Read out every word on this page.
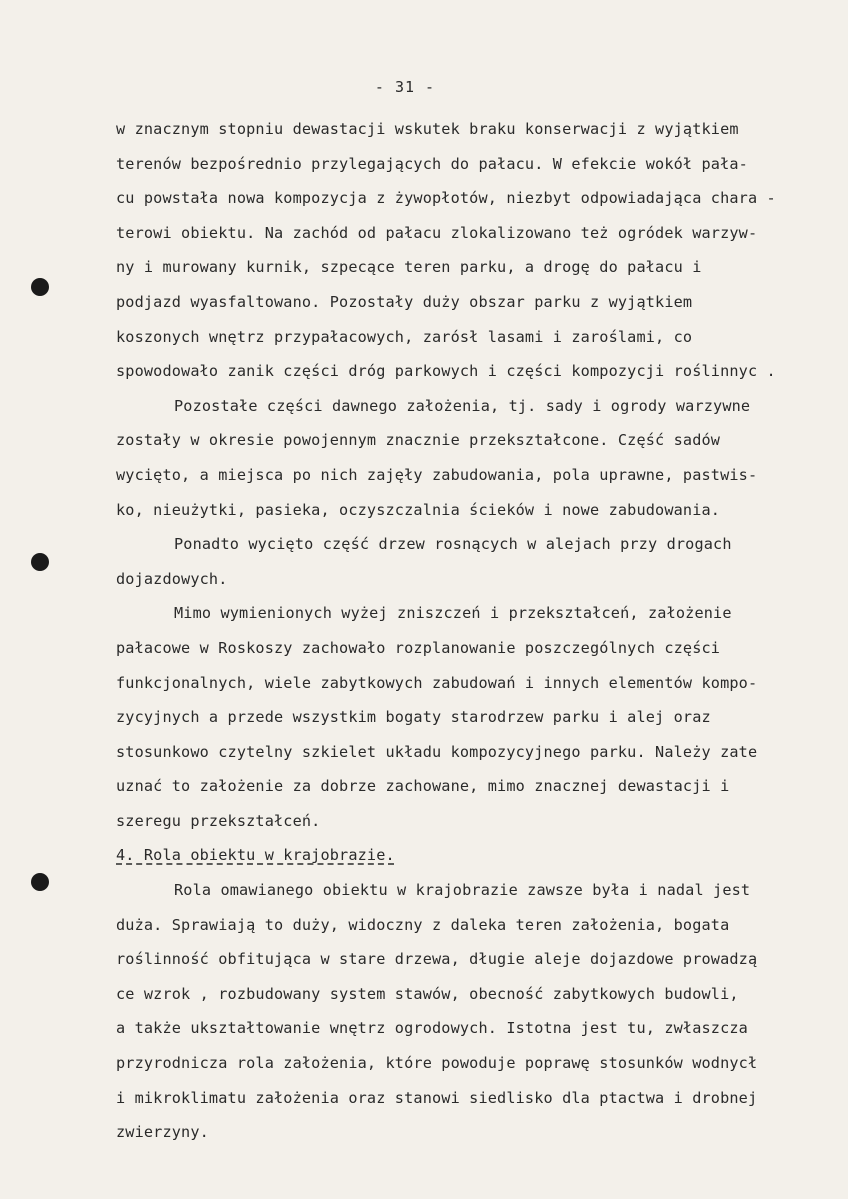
- 31 -
w znacznym stopniu dewastacji wskutek braku konserwacji z wyjątkiem
terenów bezpośrednio przylegających do pałacu. W efekcie wokół pała-
cu powstała nowa kompozycja z żywopłotów, niezbyt odpowiadająca chara -
terowi obiektu. Na zachód od pałacu zlokalizowano też ogródek warzyw-
ny i murowany kurnik, szpecące teren parku, a drogę do pałacu i
podjazd wyasfaltowano. Pozostały duży obszar parku z wyjątkiem
koszonych wnętrz przypałacowych, zarósł lasami i zaroślami, co
spowodowało zanik części dróg parkowych i części kompozycji roślinnyc .
Pozostałe części dawnego założenia, tj. sady i ogrody warzywne
zostały w okresie powojennym znacznie przekształcone. Część sadów
wycięto, a miejsca po nich zajęły zabudowania, pola uprawne, pastwis-
ko, nieużytki, pasieka, oczyszczalnia ścieków i nowe zabudowania.
Ponadto wycięto część drzew rosnących w alejach przy drogach
dojazdowych.
Mimo wymienionych wyżej zniszczeń i przekształceń, założenie
pałacowe w Roskoszy zachowało rozplanowanie poszczególnych części
funkcjonalnych, wiele zabytkowych zabudowań i innych elementów kompo-
zycyjnych a przede wszystkim bogaty starodrzew parku i alej oraz
stosunkowo czytelny szkielet układu kompozycyjnego parku. Należy zate
uznać to założenie za dobrze zachowane, mimo znacznej dewastacji i
szeregu przekształceń.
4. Rola obiektu w krajobrazie.
Rola omawianego obiektu w krajobrazie zawsze była i nadal jest
duża. Sprawiają to duży, widoczny z daleka teren założenia, bogata
roślinność obfitująca w stare drzewa, długie aleje dojazdowe prowadzą
ce wzrok , rozbudowany system stawów, obecność zabytkowych budowli,
a także ukształtowanie wnętrz ogrodowych. Istotna jest tu, zwłaszcza
przyrodnicza rola założenia, które powoduje poprawę stosunków wodnycł
i mikroklimatu założenia oraz stanowi siedlisko dla ptactwa i drobnej
zwierzyny.
